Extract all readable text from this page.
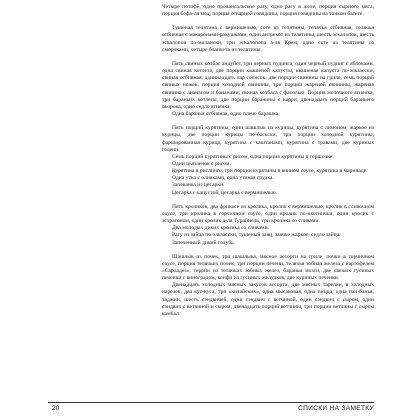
Четыре потофё, одно провансальское рагу, одно рагу в желе, порция сырного мяса, порция бефа-ля мод, порция отварной говядины, порция говядины на тонком багете.

Тушеная телятина с вермишелью, соте из телятины, телячья отбивная, телячья отбивная с макаронами-ракушками, один антрекот из телятины, шесть эскалопов, шесть эскалопов по-милански, три эскалопопа а-ля Крем, одно соте из телятины со сморчками, четыре бланкета из телятины.

Пять свиных колбас андуйет, три черных пудинга, один черный пудинг с яблоками, одна свиная котлета, две порции квашеной капусты, квашеная капуста по-эльзасски, свиная отбивная, одиннадцать пар сосисок, две порции свинины на гриле, семь порций свиных ножек, порция холодной свинины, три порции жареной свинины, жареная свинина с ананасом и бананами, свиная колбаса с фасолью. Порция молочного ягненка, три бараньих котлеты, две порции баранины с карри, двенадцать порций бараньего окорока, одно седло ягненка.

Одна баранья отбивная, одно плечо барашка.

Пять порций курятины, одни шашлык из курицы, курятина с лимоном, жаркое из курицы, две порции курицы по-баскски, три порции холодной курятины, фаршированная курица, курятина с каштанами, курятина с травами, две куриных голени.

Семь порций курятины с рисом, одна порция курятины в горшочке.

Один цыпленок с рисом.

Курятина в рислинге, три порции курятины в винном соусе, курятина в маринаде.

Одна утка с оливками, одна утиная грудка.

Запеканка из цесарки.

Цесарка с капустой, цесарка с вермишелью.

Пять кроликов, два фрикасе из кролика, кролик с вермишелью, кролик в сливочном соусе, три кролика в горчичном соусе, один кролик по-охотничьи, один кролик с эстрагоном, один кролик а-ля Турайнель, три кролика со сливами.

Два молодых диких кролика со сливами.

Рагу из зайца по-эльзасски, тушеный заяц, заячье жаркое, седло зайца.

Запеченный дикий голубь.

Шашлык из почек, три шашлыка, мясное ассорти на гриле, почки в горчичном соусе, порция телячьих почек, три порции печени, телячья зобная железа с картофелем «Сарладез», террин из телячьих зобных желез, бараньи мозги, две свежих гусиных печенки с виноградом, конфи из гусиных желудков, две куриных печенки.

Двенадцать холодных мясных закусок ассорти, две мясных тарелки, в холодных нарезок, два кус-куса, три «китайских», одна мысаковая, одна пицца, одна пан-банья, таджин, шесть сэндвичей, одни сэндвич с ветчиной, один сэндвич с сыром, одни сэндвич с ветчиной и сыром, двенадцать порций ветчины, три порции ветчины с сыром камбал.

20	СПИСКИ НА ЗАМЕТКУ
